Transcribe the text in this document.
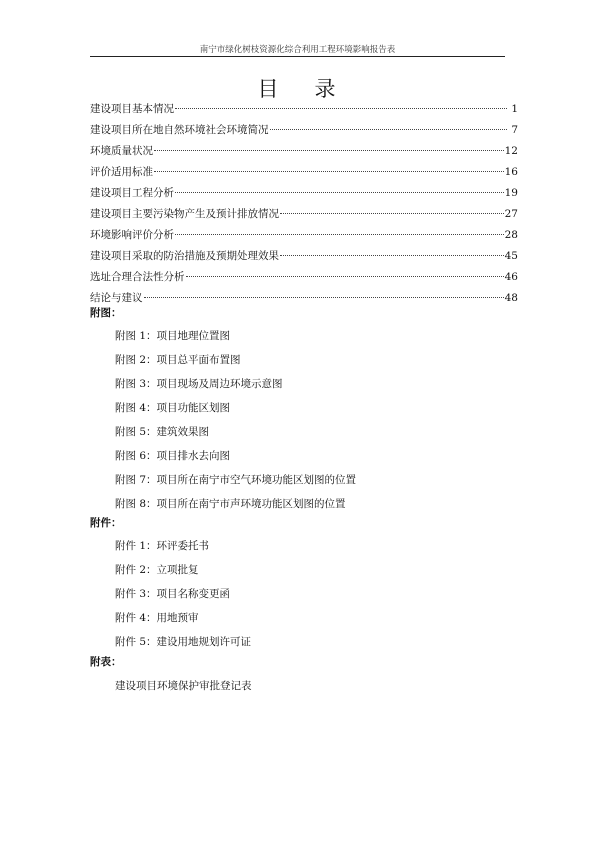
南宁市绿化树枝资源化综合利用工程环境影响报告表
目 录
建设项目基本情况	1
建设项目所在地自然环境社会环境简况	7
环境质量状况	12
评价适用标准	16
建设项目工程分析	19
建设项目主要污染物产生及预计排放情况	27
环境影响评价分析	28
建设项目采取的防治措施及预期处理效果	45
选址合理合法性分析	46
结论与建议	48
附图：
附图 1：项目地理位置图
附图 2：项目总平面布置图
附图 3：项目现场及周边环境示意图
附图 4：项目功能区划图
附图 5：建筑效果图
附图 6：项目排水去向图
附图 7：项目所在南宁市空气环境功能区划图的位置
附图 8：项目所在南宁市声环境功能区划图的位置
附件：
附件 1：环评委托书
附件 2：立项批复
附件 3：项目名称变更函
附件 4：用地预审
附件 5：建设用地规划许可证
附表：
建设项目环境保护审批登记表
